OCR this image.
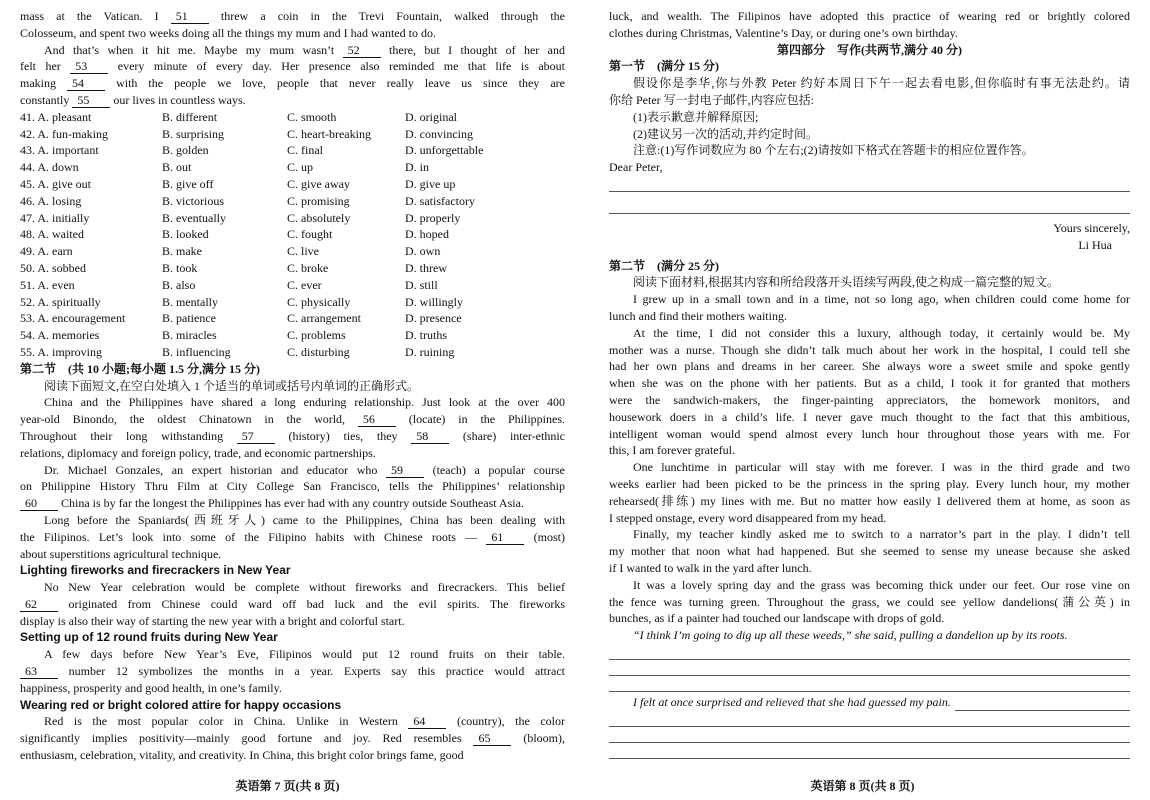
mass at the Vatican. I 51 threw a coin in the Trevi Fountain, walked through the
Colosseum, and spent two weeks doing all the things my mum and I had wanted to do.
And that’s when it hit me. Maybe my mum wasn’t 52 there, but I thought of her and
felt her 53 every minute of every day. Her presence also reminded me that life is about
making 54 with the people we love, people that never really leave us since they are
constantly 55 our lives in countless ways.
41. A. pleasant	B. different	C. smooth	D. original
42. A. fun-making	B. surprising	C. heart-breaking	D. convincing
43. A. important	B. golden	C. final	D. unforgettable
44. A. down	B. out	C. up	D. in
45. A. give out	B. give off	C. give away	D. give up
46. A. losing	B. victorious	C. promising	D. satisfactory
47. A. initially	B. eventually	C. absolutely	D. properly
48. A. waited	B. looked	C. fought	D. hoped
49. A. earn	B. make	C. live	D. own
50. A. sobbed	B. took	C. broke	D. threw
51. A. even	B. also	C. ever	D. still
52. A. spiritually	B. mentally	C. physically	D. willingly
53. A. encouragement	B. patience	C. arrangement	D. presence
54. A. memories	B. miracles	C. problems	D. truths
55. A. improving	B. influencing	C. disturbing	D. ruining
第二节　(共 10 小题;每小题 1.5 分,满分 15 分)
阅读下面短文,在空白处填入 1 个适当的单词或括号内单词的正确形式。
China and the Philippines have shared a long enduring relationship. Just look at the over 400
year-old Binondo, the oldest Chinatown in the world, 56 (locate) in the Philippines.
Throughout their long withstanding 57 (history) ties, they 58 (share) inter-ethnic
relations, diplomacy and foreign policy, trade, and economic partnerships.
Dr. Michael Gonzales, an expert historian and educator who 59 (teach) a popular course
on Philippine History Thru Film at City College San Francisco, tells the Philippines’ relationship
60 China is by far the longest the Philippines has ever had with any country outside Southeast Asia.
Long before the Spaniards(西班牙人) came to the Philippines, China has been dealing with
the Filipinos. Let’s look into some of the Filipino habits with Chinese roots — 61 (most)
about superstitions agricultural technique.
Lighting fireworks and firecrackers in New Year
No New Year celebration would be complete without fireworks and firecrackers. This belief
62 originated from Chinese could ward off bad luck and the evil spirits. The fireworks
display is also their way of starting the new year with a bright and colorful start.
Setting up of 12 round fruits during New Year
A few days before New Year’s Eve, Filipinos would put 12 round fruits on their table.
63 number 12 symbolizes the months in a year. Experts say this practice would attract
happiness, prosperity and good health, in one’s family.
Wearing red or bright colored attire for happy occasions
Red is the most popular color in China. Unlike in Western 64 (country), the color
significantly implies positivity—mainly good fortune and joy. Red resembles 65 (bloom),
enthusiasm, celebration, vitality, and creativity. In China, this bright color brings fame, good
英语第 7 页(共 8 页)
luck, and wealth. The Filipinos have adopted this practice of wearing red or brightly colored
clothes during Christmas, Valentine’s Day, or during one’s own birthday.
第四部分　写作(共两节,满分 40 分)
第一节　(满分 15 分)
假设你是李华,你与外教 Peter 约好本周日下午一起去看电影,但你临时有事无法赴约。请
你给 Peter 写一封电子邮件,内容应包括:
(1)表示歉意并解释原因;
(2)建议另一次的活动,并约定时间。
注意:(1)写作词数应为 80 个左右;(2)请按如下格式在答题卡的相应位置作答。
Dear Peter,
Yours sincerely,
Li Hua
第二节　(满分 25 分)
阅读下面材料,根据其内容和所给段落开头语续写两段,使之构成一篇完整的短文。
I grew up in a small town and in a time, not so long ago, when children could come home for
lunch and find their mothers waiting.
At the time, I did not consider this a luxury, although today, it certainly would be. My
mother was a nurse. Though she didn’t talk much about her work in the hospital, I could tell she
had her own plans and dreams in her career. She always wore a sweet smile and spoke gently
when she was on the phone with her patients. But as a child, I took it for granted that mothers
were the sandwich-makers, the finger-painting appreciators, the homework monitors, and
housework doers in a child’s life. I never gave much thought to the fact that this ambitious,
intelligent woman would spend almost every lunch hour throughout those years with me. For
this, I am forever grateful.
One lunchtime in particular will stay with me forever. I was in the third grade and two
weeks earlier had been picked to be the princess in the spring play. Every lunch hour, my mother
rehearsed(排练) my lines with me. But no matter how easily I delivered them at home, as soon as
I stepped onstage, every word disappeared from my head.
Finally, my teacher kindly asked me to switch to a narrator’s part in the play. I didn’t tell
my mother that noon what had happened. But she seemed to sense my unease because she asked
if I wanted to walk in the yard after lunch.
It was a lovely spring day and the grass was becoming thick under our feet. Our rose vine on
the fence was turning green. Throughout the grass, we could see yellow dandelions(蒲公英) in
bunches, as if a painter had touched our landscape with drops of gold.
“I think I’m going to dig up all these weeds,” she said, pulling a dandelion up by its roots.
I felt at once surprised and relieved that she had guessed my pain.
英语第 8 页(共 8 页)
